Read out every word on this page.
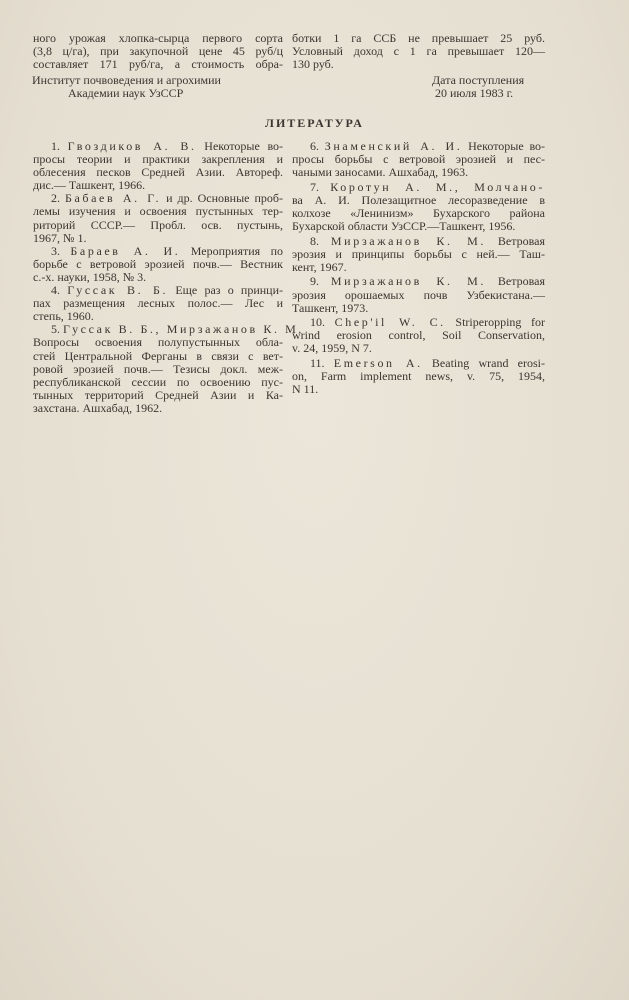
ного урожая хлопка-сырца первого сорта
(3,8 ц/га), при закупочной цене 45 руб/ц
составляет 171 руб/га, а стоимость обра-
ботки 1 га ССБ не превышает 25 руб.
Условный доход с 1 га превышает 120—
130 руб.
Институт почвоведения и агрохимии
Академии наук УзССР
Дата поступления
20 июля 1983 г.
ЛИТЕРАТУРА
1. Гвоздиков А. В. Некоторые во-
просы теории и практики закрепления и
облесения песков Средней Азии. Автореф.
дис.— Ташкент, 1966.
2. Бабаев А. Г. и др. Основные проб-
лемы изучения и освоения пустынных тер-
риторий СССР.— Пробл. осв. пустынь,
1967, № 1.
3. Бараев А. И. Мероприятия по
борьбе с ветровой эрозией почв.— Вестник
с.-х. науки, 1958, № 3.
4. Гуссак В. Б. Еще раз о принци-
пах размещения лесных полос.— Лес и
степь, 1960.
5. Гуссак В. Б., Мирзажанов К. М.
Вопросы освоения полупустынных обла-
стей Центральной Ферганы в связи с вет-
ровой эрозией почв.— Тезисы докл. меж-
республиканской сессии по освоению пус-
тынных территорий Средней Азии и Ка-
захстана. Ашхабад, 1962.
6. Знаменский А. И. Некоторые во-
просы борьбы с ветровой эрозией и пес-
чаными заносами. Ашхабад, 1963.
7. Коротун А. М., Молчано-
ва А. И. Полезащитное лесоразведение в
колхозе «Ленинизм» Бухарского района
Бухарской области УзССР.—Ташкент, 1956.
8. Мирзажанов К. М. Ветровая
эрозия и принципы борьбы с ней.— Таш-
кент, 1967.
9. Мирзажанов К. М. Ветровая
эрозия орошаемых почв Узбекистана.—
Ташкент, 1973.
10. Chep'il W. C. Striperopping for
wrind erosion control, Soil Conservation,
v. 24, 1959, N 7.
11. Emerson A. Beating wrand erosi-
on, Farm implement news, v. 75, 1954,
N 11.
